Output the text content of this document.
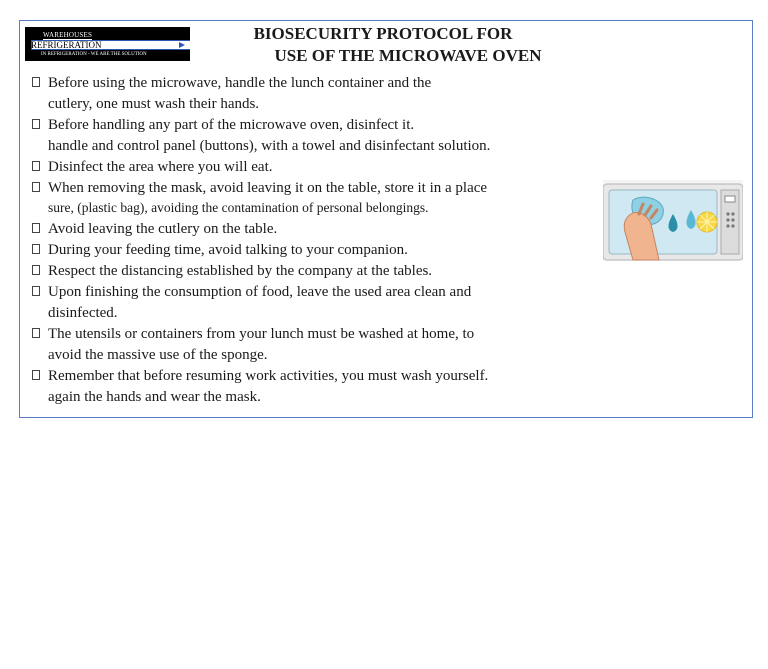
WAREHOUSES
REFRIGERATION
IN REFRIGERATION - WE ARE THE SOLUTION
BIOSECURITY PROTOCOL FOR
USE OF THE MICROWAVE OVEN
Before using the microwave, handle the lunch container and the
cutlery, one must wash their hands.
Before handling any part of the microwave oven, disinfect it.
handle and control panel (buttons), with a towel and disinfectant solution.
Disinfect the area where you will eat.
When removing the mask, avoid leaving it on the table, store it in a place
sure, (plastic bag), avoiding the contamination of personal belongings.
Avoid leaving the cutlery on the table.
During your feeding time, avoid talking to your companion.
Respect the distancing established by the company at the tables.
Upon finishing the consumption of food, leave the used area clean and
disinfected.
The utensils or containers from your lunch must be washed at home, to
avoid the massive use of the sponge.
Remember that before resuming work activities, you must wash yourself.
again the hands and wear the mask.
